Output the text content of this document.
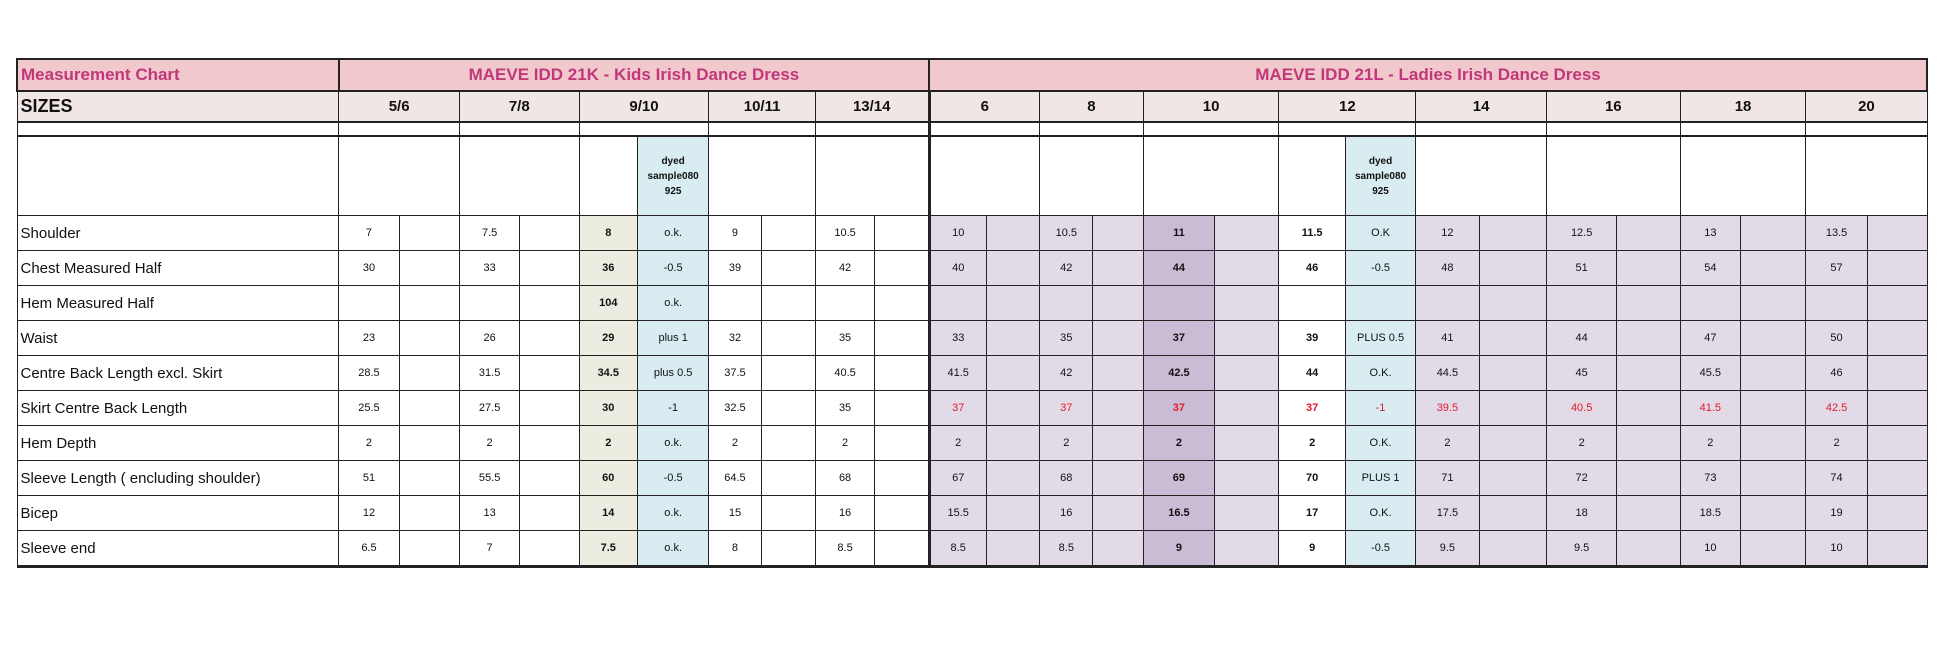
Measurement Chart	MAEVE IDD 21K - Kids Irish Dance Dress										MAEVE IDD 21L - Ladies Irish Dance Dress															
SIZES	5/6		7/8		9/10		10/11		13/14		6		8		10		12		14		16		18		20	

						dyed sample080 925												dyed sample080 925								
Shoulder	7		7.5		8	o.k.	9		10.5		10		10.5		11		11.5	O.K	12		12.5		13		13.5	
Chest Measured Half	30		33		36	-0.5	39		42		40		42		44		46	-0.5	48		51		54		57	
Hem Measured Half					104	o.k.																				
Waist	23		26		29	plus 1	32		35		33		35		37		39	PLUS 0.5	41		44		47		50	
Centre Back Length excl. Skirt	28.5		31.5		34.5	plus 0.5	37.5		40.5		41.5		42		42.5		44	O.K.	44.5		45		45.5		46	
Skirt Centre Back Length	25.5		27.5		30	-1	32.5		35		37		37		37		37	-1	39.5		40.5		41.5		42.5	
Hem Depth	2		2		2	o.k.	2		2		2		2		2		2	O.K.	2		2		2		2	
Sleeve Length ( encluding shoulder)	51		55.5		60	-0.5	64.5		68		67		68		69		70	PLUS 1	71		72		73		74	
Bicep	12		13		14	o.k.	15		16		15.5		16		16.5		17	O.K.	17.5		18		18.5		19	
Sleeve end	6.5		7		7.5	o.k.	8		8.5		8.5		8.5		9		9	-0.5	9.5		9.5		10		10	
